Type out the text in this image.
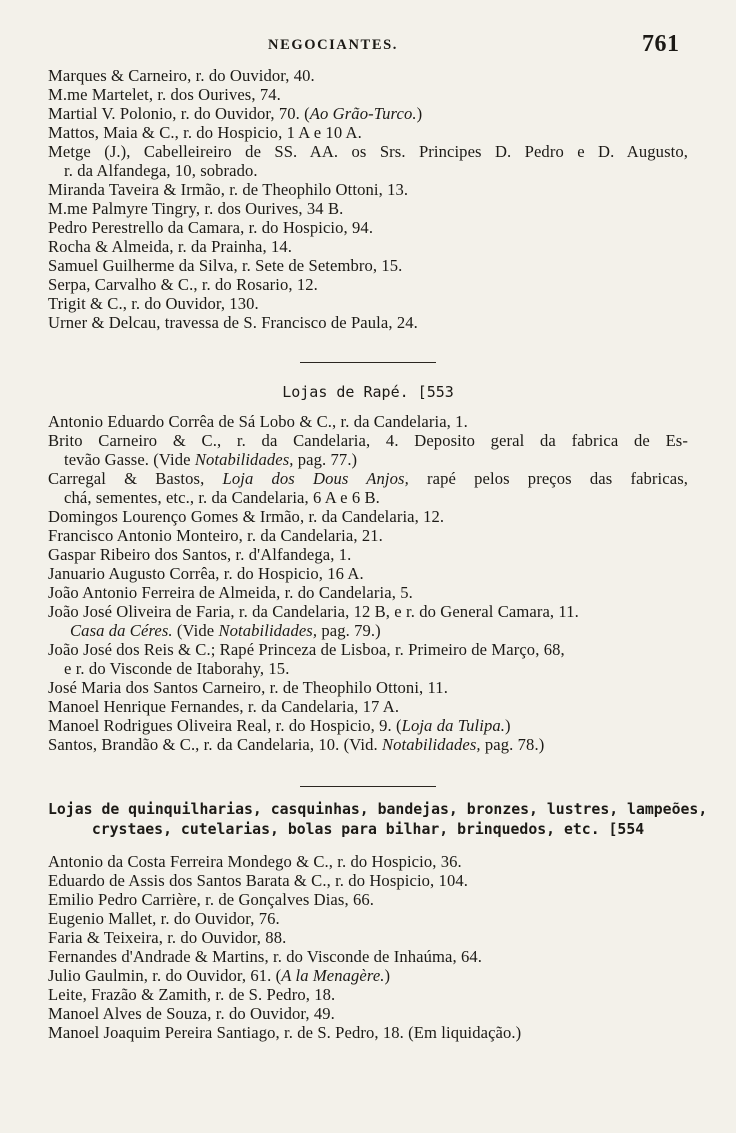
NEGOCIANTES.	761
Marques & Carneiro, r. do Ouvidor, 40.
M.me Martelet, r. dos Ourives, 74.
Martial V. Polonio, r. do Ouvidor, 70. (Ao Grão-Turco.)
Mattos, Maia & C., r. do Hospicio, 1 A e 10 A.
Metge (J.), Cabelleireiro de SS. AA. os Srs. Principes D. Pedro e D. Augusto,
r. da Alfandega, 10, sobrado.
Miranda Taveira & Irmão, r. de Theophilo Ottoni, 13.
M.me Palmyre Tingry, r. dos Ourives, 34 B.
Pedro Perestrello da Camara, r. do Hospicio, 94.
Rocha & Almeida, r. da Prainha, 14.
Samuel Guilherme da Silva, r. Sete de Setembro, 15.
Serpa, Carvalho & C., r. do Rosario, 12.
Trigit & C., r. do Ouvidor, 130.
Urner & Delcau, travessa de S. Francisco de Paula, 24.
Lojas de Rapé. [553
Antonio Eduardo Corrêa de Sá Lobo & C., r. da Candelaria, 1.
Brito Carneiro & C., r. da Candelaria, 4. Deposito geral da fabrica de Es-
tevão Gasse. (Vide Notabilidades, pag. 77.)
Carregal & Bastos, Loja dos Dous Anjos, rapé pelos preços das fabricas,
chá, sementes, etc., r. da Candelaria, 6 A e 6 B.
Domingos Lourenço Gomes & Irmão, r. da Candelaria, 12.
Francisco Antonio Monteiro, r. da Candelaria, 21.
Gaspar Ribeiro dos Santos, r. d'Alfandega, 1.
Januario Augusto Corrêa, r. do Hospicio, 16 A.
João Antonio Ferreira de Almeida, r. do Candelaria, 5.
João José Oliveira de Faria, r. da Candelaria, 12 B, e r. do General Camara, 11.
Casa da Céres. (Vide Notabilidades, pag. 79.)
João José dos Reis & C.; Rapé Princeza de Lisboa, r. Primeiro de Março, 68,
e r. do Visconde de Itaborahy, 15.
José Maria dos Santos Carneiro, r. de Theophilo Ottoni, 11.
Manoel Henrique Fernandes, r. da Candelaria, 17 A.
Manoel Rodrigues Oliveira Real, r. do Hospicio, 9. (Loja da Tulipa.)
Santos, Brandão & C., r. da Candelaria, 10. (Vid. Notabilidades, pag. 78.)
Lojas de quinquilharias, casquinhas, bandejas, bronzes, lustres, lampeões,
crystaes, cutelarias, bolas para bilhar, brinquedos, etc. [554
Antonio da Costa Ferreira Mondego & C., r. do Hospicio, 36.
Eduardo de Assis dos Santos Barata & C., r. do Hospicio, 104.
Emilio Pedro Carrière, r. de Gonçalves Dias, 66.
Eugenio Mallet, r. do Ouvidor, 76.
Faria & Teixeira, r. do Ouvidor, 88.
Fernandes d'Andrade & Martins, r. do Visconde de Inhaúma, 64.
Julio Gaulmin, r. do Ouvidor, 61. (A la Menagère.)
Leite, Frazão & Zamith, r. de S. Pedro, 18.
Manoel Alves de Souza, r. do Ouvidor, 49.
Manoel Joaquim Pereira Santiago, r. de S. Pedro, 18. (Em liquidação.)
